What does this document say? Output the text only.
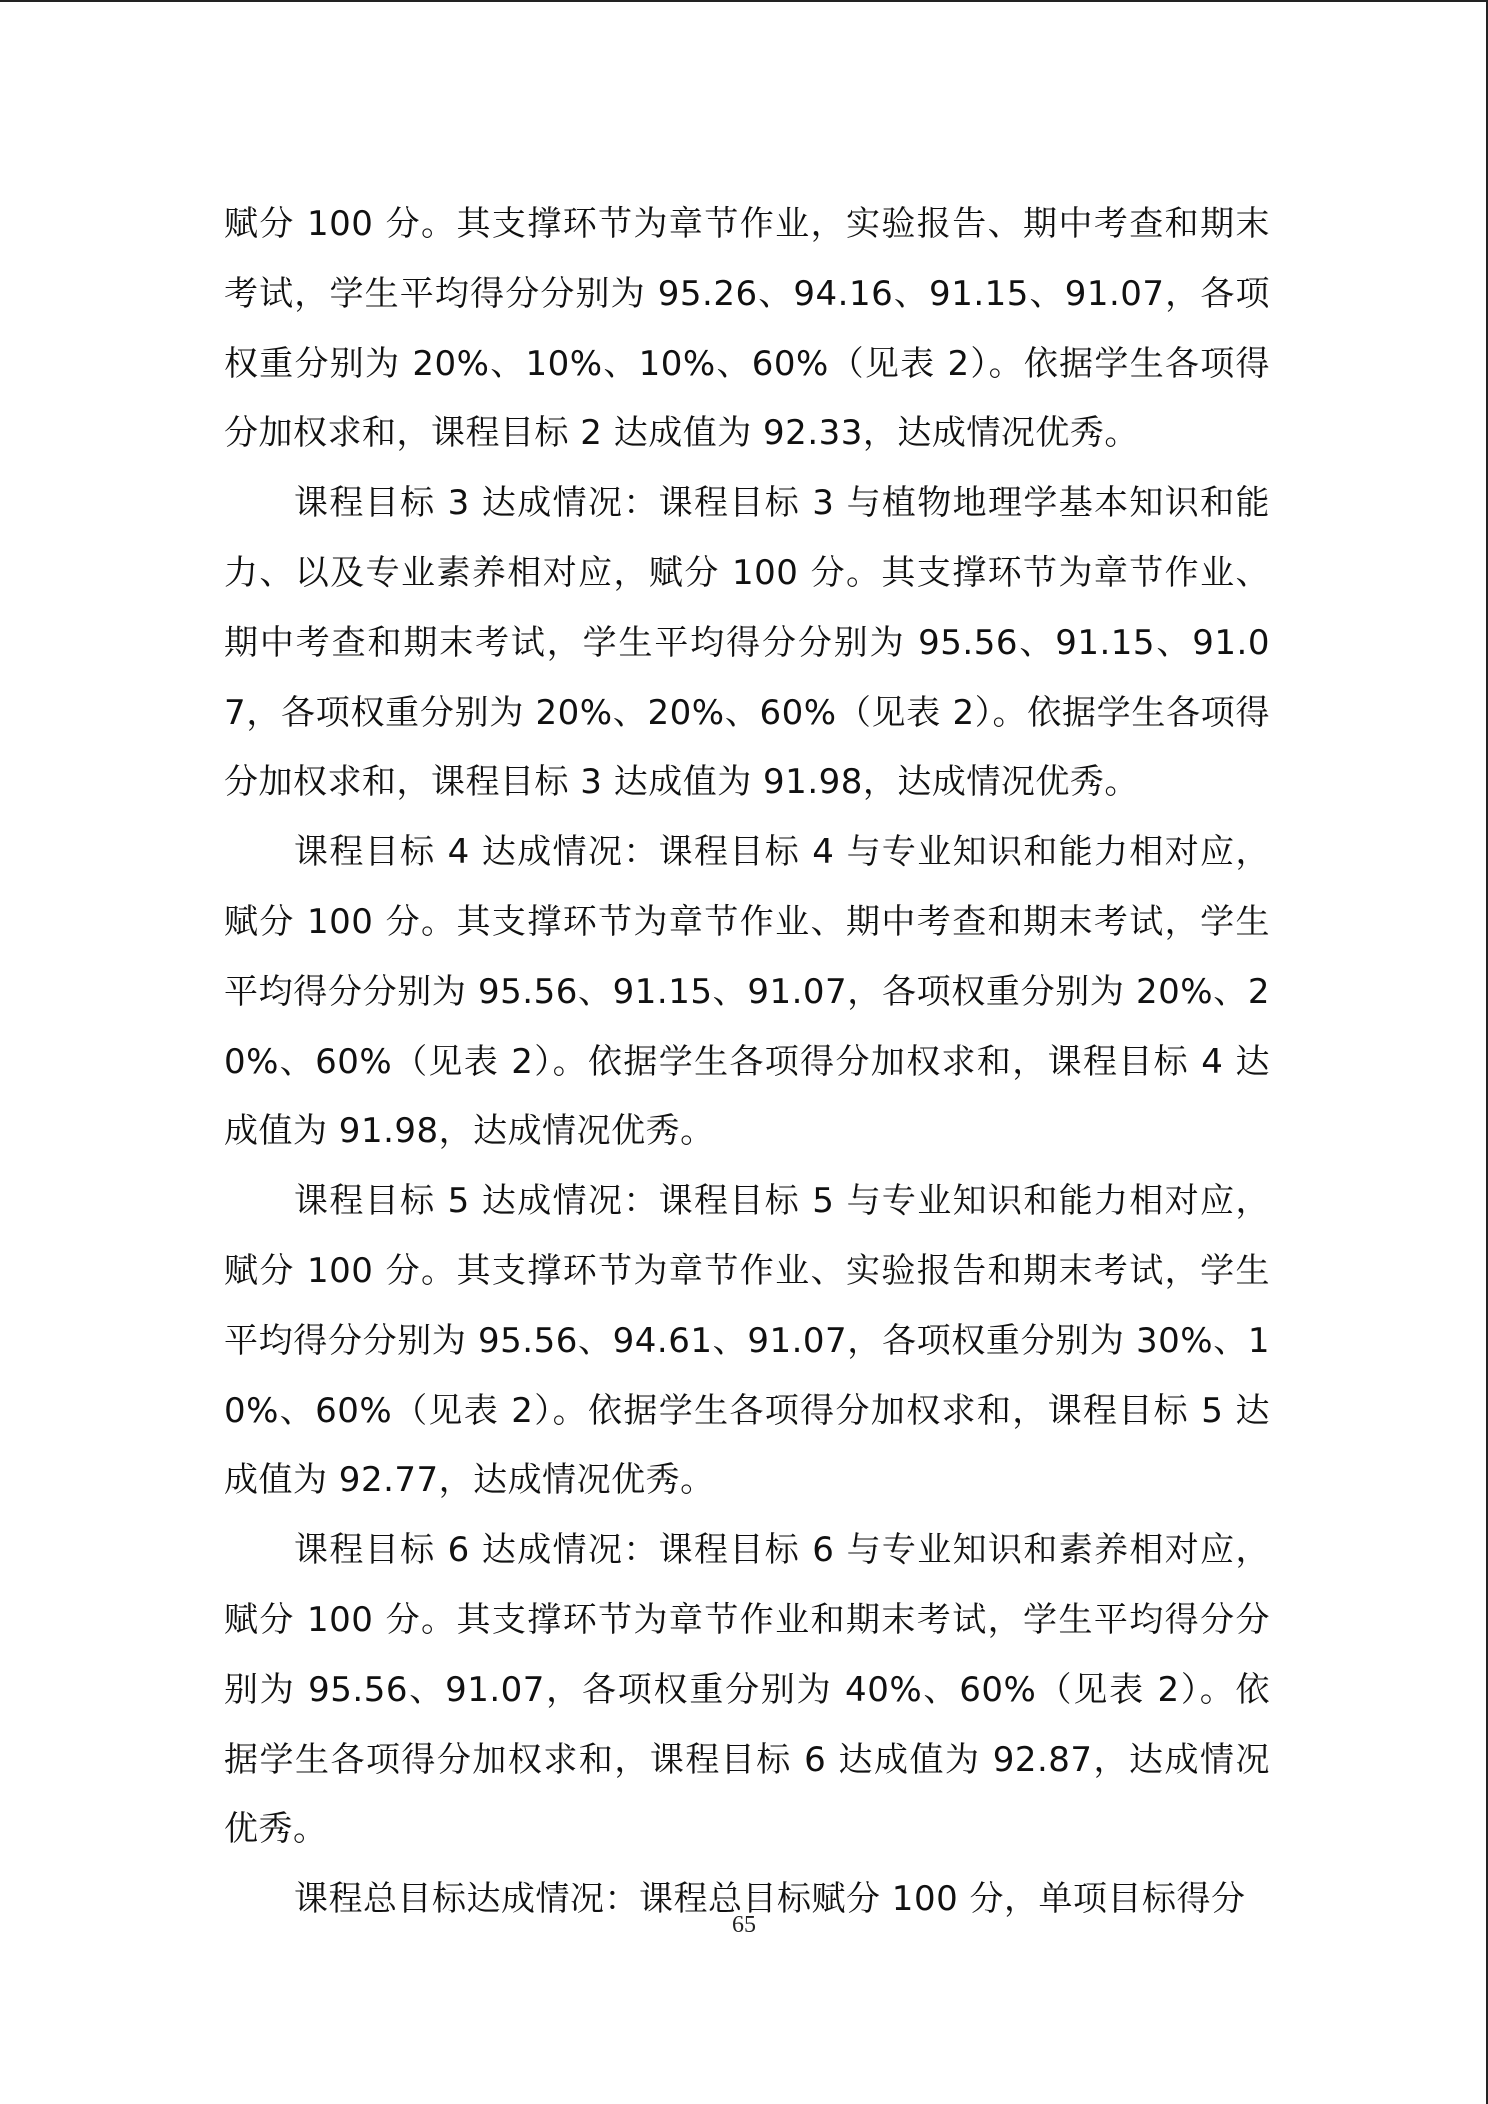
赋分 100 分。其支撑环节为章节作业，实验报告、期中考查和期末考试，学生平均得分分别为 95.26、94.16、91.15、91.07，各项权重分别为 20%、10%、10%、60%（见表 2）。依据学生各项得分加权求和，课程目标 2 达成值为 92.33，达成情况优秀。

课程目标 3 达成情况：课程目标 3 与植物地理学基本知识和能力、以及专业素养相对应，赋分 100 分。其支撑环节为章节作业、期中考查和期末考试，学生平均得分分别为 95.56、91.15、91.07，各项权重分别为 20%、20%、60%（见表 2）。依据学生各项得分加权求和，课程目标 3 达成值为 91.98，达成情况优秀。

课程目标 4 达成情况：课程目标 4 与专业知识和能力相对应，赋分 100 分。其支撑环节为章节作业、期中考查和期末考试，学生平均得分分别为 95.56、91.15、91.07，各项权重分别为 20%、20%、60%（见表 2）。依据学生各项得分加权求和，课程目标 4 达成值为 91.98，达成情况优秀。

课程目标 5 达成情况：课程目标 5 与专业知识和能力相对应，赋分 100 分。其支撑环节为章节作业、实验报告和期末考试，学生平均得分分别为 95.56、94.61、91.07，各项权重分别为 30%、10%、60%（见表 2）。依据学生各项得分加权求和，课程目标 5 达成值为 92.77，达成情况优秀。

课程目标 6 达成情况：课程目标 6 与专业知识和素养相对应，赋分 100 分。其支撑环节为章节作业和期末考试，学生平均得分分别为 95.56、91.07，各项权重分别为 40%、60%（见表 2）。依据学生各项得分加权求和，课程目标 6 达成值为 92.87，达成情况优秀。

课程总目标达成情况：课程总目标赋分 100 分，单项目标得分

65
